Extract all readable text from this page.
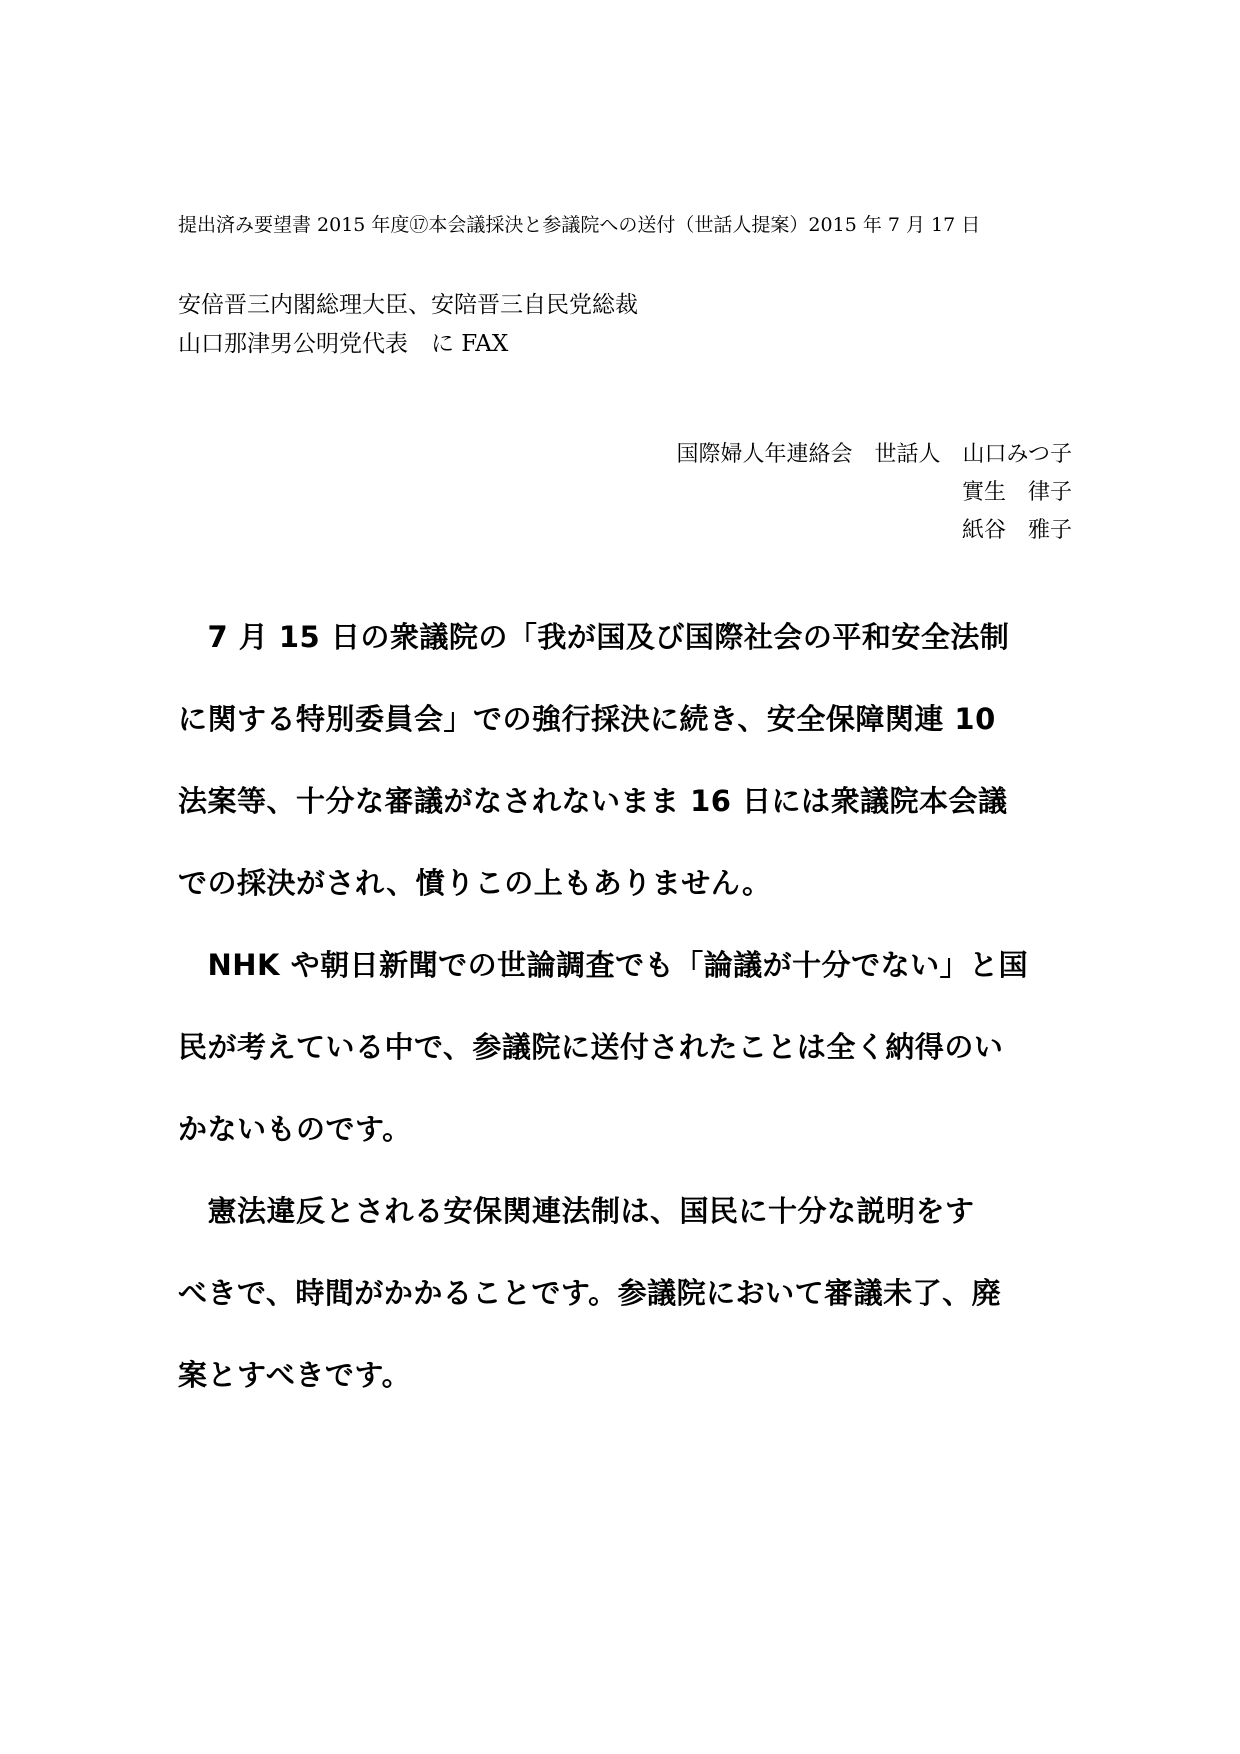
提出済み要望書 2015 年度⑰本会議採決と参議院への送付（世話人提案）2015 年 7 月 17 日
安倍晋三内閣総理大臣、安陪晋三自民党総裁
山口那津男公明党代表　に FAX
国際婦人年連絡会　世話人　山口みつ子
實生　律子
紙谷　雅子
　7 月 15 日の衆議院の「我が国及び国際社会の平和安全法制
に関する特別委員会」での強行採決に続き、安全保障関連 10
法案等、十分な審議がなされないまま 16 日には衆議院本会議
での採決がされ、憤りこの上もありません。
　NHK や朝日新聞での世論調査でも「論議が十分でない」と国
民が考えている中で、参議院に送付されたことは全く納得のい
かないものです。
　憲法違反とされる安保関連法制は、国民に十分な説明をす
べきで、時間がかかることです。参議院において審議未了、廃
案とすべきです。
